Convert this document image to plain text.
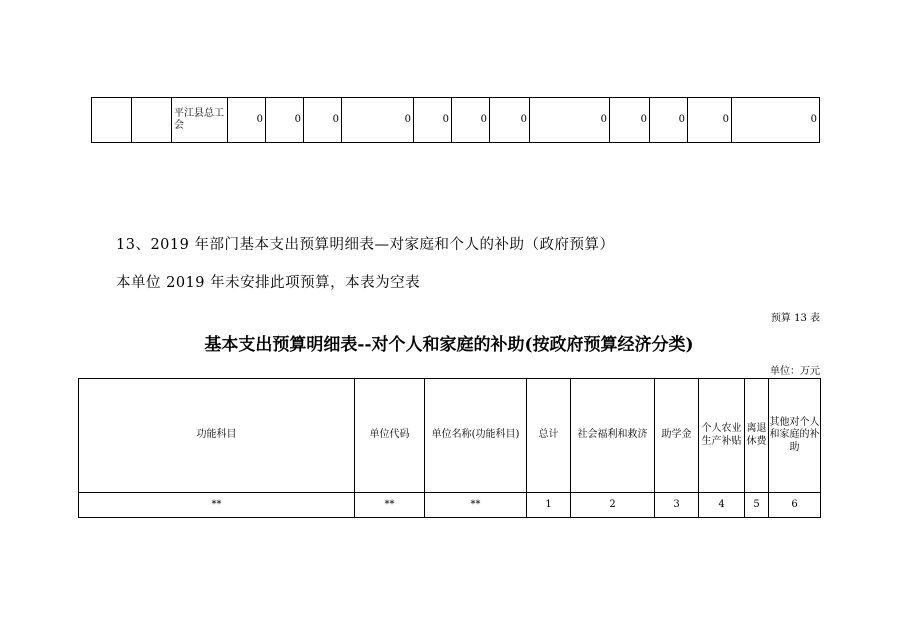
		平江县总工会	0	0	0	0	0	0	0	0	0	0	0	0
13、2019 年部门基本支出预算明细表—对家庭和个人的补助（政府预算）
本单位 2019 年未安排此项预算，本表为空表
预算 13 表
基本支出预算明细表--对个人和家庭的补助(按政府预算经济分类)
单位：万元
功能科目	单位代码	单位名称(功能科目)	总计	社会福利和救济	助学金	个人农业生产补贴	离退休费	其他对个人和家庭的补助
**	**	**	1	2	3	4	5	6
